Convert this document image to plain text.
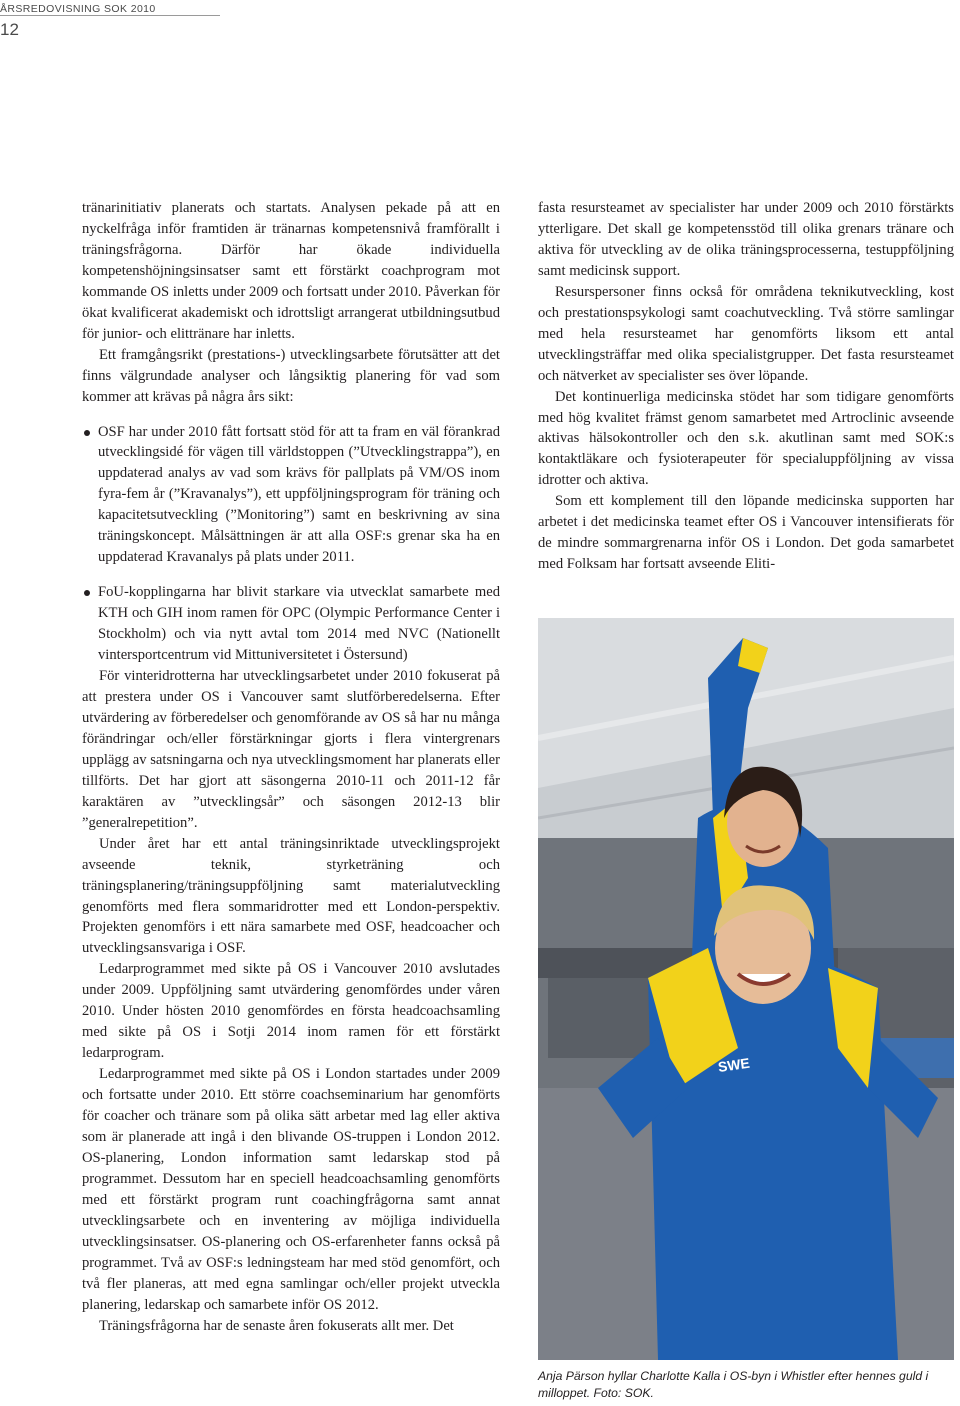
ÅRSREDOVISNING SOK 2010
12

tränarinitiativ planerats och startats. Analysen pekade på att en nyckelfråga inför framtiden är tränarnas kompetensnivå framförallt i träningsfrågorna. Därför har ökade individuella kompetenshöjningsinsatser samt ett förstärkt coachprogram mot kommande OS inletts under 2009 och fortsatt under 2010. Påverkan för ökat kvalificerat akademiskt och idrottsligt arrangerat utbildningsutbud för junior- och elittränare har inletts.

Ett framgångsrikt (prestations-) utvecklingsarbete förutsätter att det finns välgrundade analyser och långsiktig planering för vad som kommer att krävas på några års sikt:

OSF har under 2010 fått fortsatt stöd för att ta fram en väl förankrad utvecklingsidé för vägen till världstoppen (”Utvecklingstrappa”), en uppdaterad analys av vad som krävs för pallplats på VM/OS inom fyra-fem år (”Kravanalys”), ett uppföljningsprogram för träning och kapacitetsutveckling (”Monitoring”) samt en beskrivning av sina träningskoncept. Målsättningen är att alla OSF:s grenar ska ha en uppdaterad Kravanalys på plats under 2011.
FoU-kopplingarna har blivit starkare via utvecklat samarbete med KTH och GIH inom ramen för OPC (Olympic Performance Center i Stockholm) och via nytt avtal tom 2014 med NVC (Nationellt vintersportcentrum vid Mittuniversitetet i Östersund)

För vinteridrotterna har utvecklingsarbetet under 2010 fokuserat på att prestera under OS i Vancouver samt slutförberedelserna. Efter utvärdering av förberedelser och genomförande av OS så har nu många förändringar och/eller förstärkningar gjorts i flera vintergrenars upplägg av satsningarna och nya utvecklingsmoment har planerats eller tillförts. Det har gjort att säsongerna 2010-11 och 2011-12 får karaktären av ”utvecklingsår” och säsongen 2012-13 blir ”generalrepetition”.

Under året har ett antal träningsinriktade utvecklingsprojekt avseende teknik, styrketräning och träningsplanering/träningsuppföljning samt materialutveckling genomförts med flera sommaridrotter med ett London-perspektiv. Projekten genomförs i ett nära samarbete med OSF, headcoacher och utvecklingsansvariga i OSF.

Ledarprogrammet med sikte på OS i Vancouver 2010 avslutades under 2009. Uppföljning samt utvärdering genomfördes under våren 2010. Under hösten 2010 genomfördes en första headcoachsamling med sikte på OS i Sotji 2014 inom ramen för ett förstärkt ledarprogram.

Ledarprogrammet med sikte på OS i London startades under 2009 och fortsatte under 2010. Ett större coachseminarium har genomförts för coacher och tränare som på olika sätt arbetar med lag eller aktiva som är planerade att ingå i den blivande OS-truppen i London 2012. OS-planering, London information samt ledarskap stod på programmet. Dessutom har en speciell headcoachsamling genomförts med ett förstärkt program runt coachingfrågorna samt annat utvecklingsarbete och en inventering av möjliga individuella utvecklingsinsatser. OS-planering och OS-erfarenheter fanns också på programmet. Två av OSF:s ledningsteam har med stöd genomfört, och två fler planeras, att med egna samlingar och/eller projekt utveckla planering, ledarskap och samarbete inför OS 2012.

Träningsfrågorna har de senaste åren fokuserats allt mer. Det

fasta resursteamet av specialister har under 2009 och 2010 förstärkts ytterligare. Det skall ge kompetensstöd till olika grenars tränare och aktiva för utveckling av de olika träningsprocesserna, testuppföljning samt medicinsk support.

Resurspersoner finns också för områdena teknikutveckling, kost och prestationspsykologi samt coachutveckling. Två större samlingar med hela resursteamet har genomförts liksom ett antal utvecklingsträffar med olika specialistgrupper. Det fasta resursteamet och nätverket av specialister ses över löpande.

Det kontinuerliga medicinska stödet har som tidigare genomförts med hög kvalitet främst genom samarbetet med Artroclinic avseende aktivas hälsokontroller och den s.k. akutlinan samt med SOK:s kontaktläkare och fysioterapeuter för specialuppföljning av vissa idrotter och aktiva.

Som ett komplement till den löpande medicinska supporten har arbetet i det medicinska teamet efter OS i Vancouver intensifierats för de mindre sommargrenarna inför OS i London. Det goda samarbetet med Folksam har fortsatt avseende Eliti-

SWE
Anja Pärson hyllar Charlotte Kalla i OS-byn i Whistler efter hennes guld i milloppet. Foto: SOK.
